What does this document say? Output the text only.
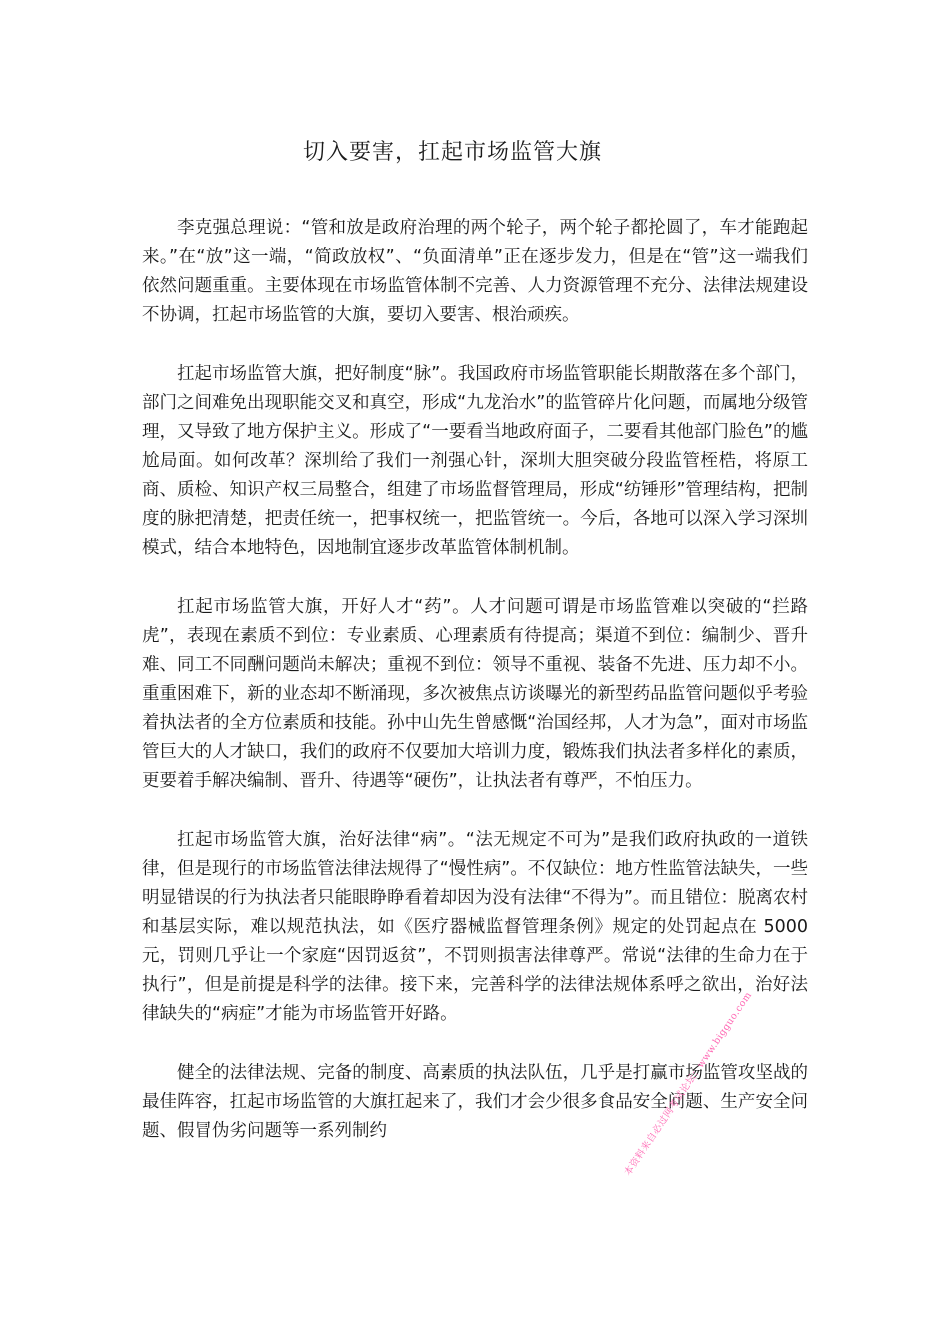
切入要害，扛起市场监管大旗

李克强总理说：“管和放是政府治理的两个轮子，两个轮子都抡圆了，车才能跑起来。”在“放”这一端，“简政放权”、“负面清单”正在逐步发力，但是在“管”这一端我们依然问题重重。主要体现在市场监管体制不完善、人力资源管理不充分、法律法规建设不协调，扛起市场监管的大旗，要切入要害、根治顽疾。

扛起市场监管大旗，把好制度“脉”。我国政府市场监管职能长期散落在多个部门，部门之间难免出现职能交叉和真空，形成“九龙治水”的监管碎片化问题，而属地分级管理，又导致了地方保护主义。形成了“一要看当地政府面子，二要看其他部门脸色”的尴尬局面。如何改革？深圳给了我们一剂强心针，深圳大胆突破分段监管桎梏，将原工商、质检、知识产权三局整合，组建了市场监督管理局，形成“纺锤形”管理结构，把制度的脉把清楚，把责任统一，把事权统一，把监管统一。今后，各地可以深入学习深圳模式，结合本地特色，因地制宜逐步改革监管体制机制。

扛起市场监管大旗，开好人才“药”。人才问题可谓是市场监管难以突破的“拦路虎”，表现在素质不到位：专业素质、心理素质有待提高；渠道不到位：编制少、晋升难、同工不同酬问题尚未解决；重视不到位：领导不重视、装备不先进、压力却不小。重重困难下，新的业态却不断涌现，多次被焦点访谈曝光的新型药品监管问题似乎考验着执法者的全方位素质和技能。孙中山先生曾感慨“治国经邦，人才为急”，面对市场监管巨大的人才缺口，我们的政府不仅要加大培训力度，锻炼我们执法者多样化的素质，更要着手解决编制、晋升、待遇等“硬伤”，让执法者有尊严，不怕压力。

扛起市场监管大旗，治好法律“病”。“法无规定不可为”是我们政府执政的一道铁律，但是现行的市场监管法律法规得了“慢性病”。不仅缺位：地方性监管法缺失，一些明显错误的行为执法者只能眼睁睁看着却因为没有法律“不得为”。而且错位：脱离农村和基层实际，难以规范执法，如《医疗器械监督管理条例》规定的处罚起点在 5000 元，罚则几乎让一个家庭“因罚返贫”，不罚则损害法律尊严。常说“法律的生命力在于执行”，但是前提是科学的法律。接下来，完善科学的法律法规体系呼之欲出，治好法律缺失的“病症”才能为市场监管开好路。

健全的法律法规、完备的制度、高素质的执法队伍，几乎是打赢市场监管攻坚战的最佳阵容，扛起市场监管的大旗扛起来了，我们才会少很多食品安全问题、生产安全问题、假冒伪劣问题等一系列制约	本资料来自必过网考试论坛：www.bigguo.com
